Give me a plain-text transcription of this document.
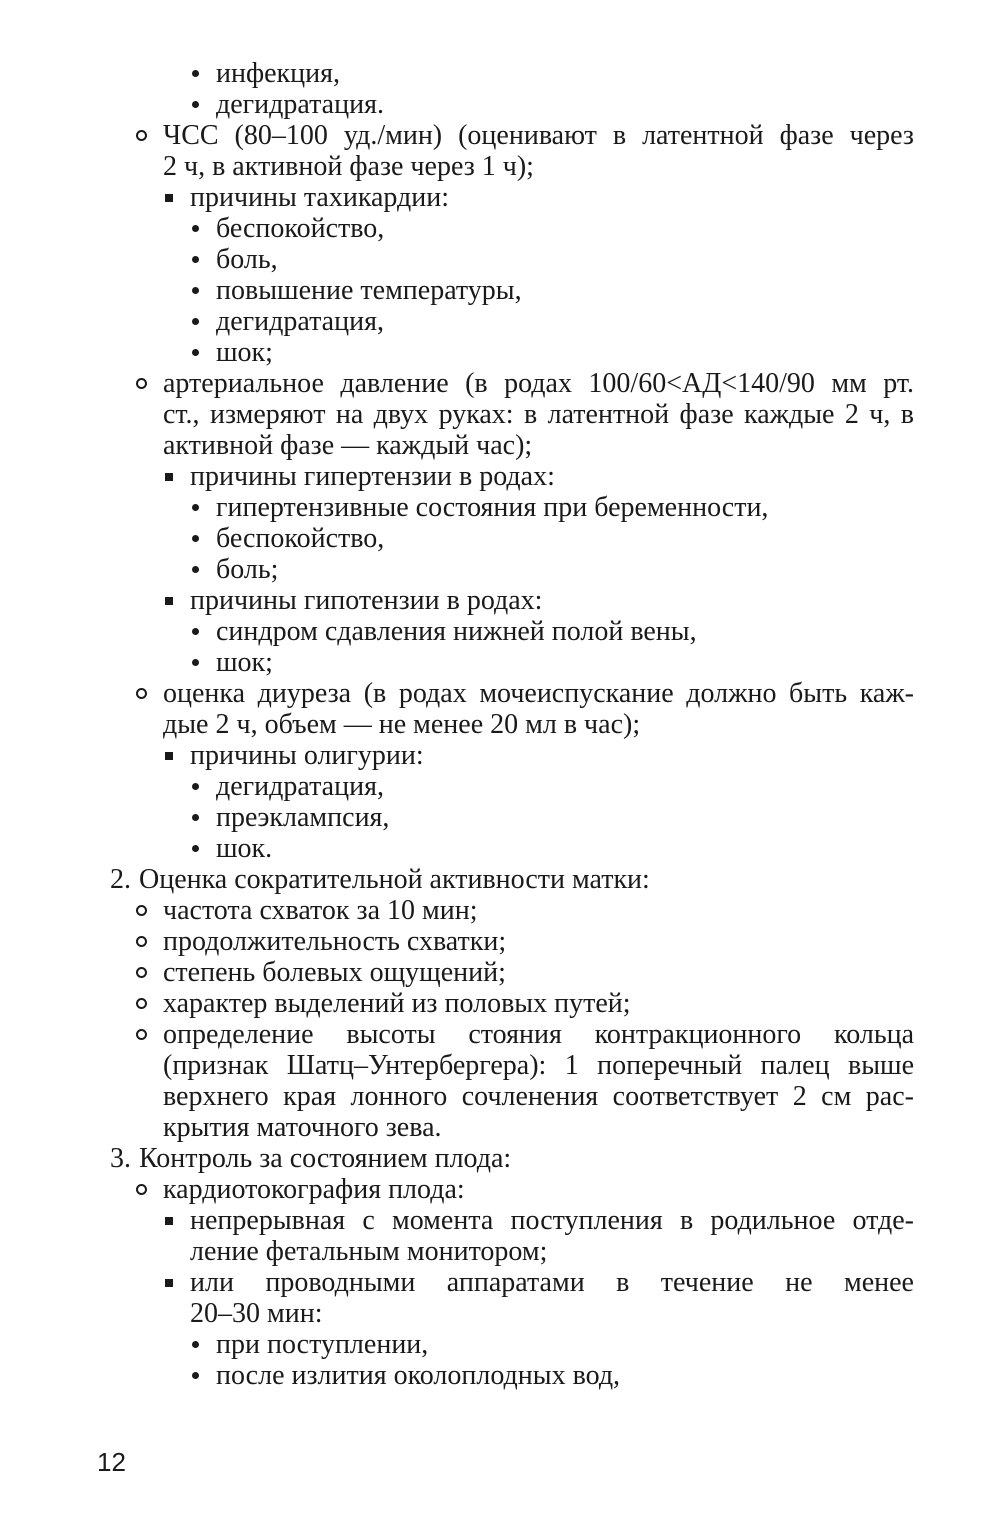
инфекция,
дегидратация.
ЧСС (80–100 уд./мин) (оценивают в латентной фазе через
2 ч, в активной фазе через 1 ч);
причины тахикардии:
беспокойство,
боль,
повышение температуры,
дегидратация,
шок;
артериальное давление (в родах 100/60<АД<140/90 мм рт.
ст., измеряют на двух руках: в латентной фазе каждые 2 ч, в
активной фазе — каждый час);
причины гипертензии в родах:
гипертензивные состояния при беременности,
беспокойство,
боль;
причины гипотензии в родах:
синдром сдавления нижней полой вены,
шок;
оценка диуреза (в родах мочеиспускание должно быть каж-
дые 2 ч, объем — не менее 20 мл в час);
причины олигурии:
дегидратация,
преэклампсия,
шок.
2. Оценка сократительной активности матки:
частота схваток за 10 мин;
продолжительность схватки;
степень болевых ощущений;
характер выделений из половых путей;
определение высоты стояния контракционного кольца
(признак Шатц–Унтербергера): 1 поперечный палец выше
верхнего края лонного сочленения соответствует 2 см рас-
крытия маточного зева.
3. Контроль за состоянием плода:
кардиотокография плода:
непрерывная с момента поступления в родильное отде-
ление фетальным монитором;
или проводными аппаратами в течение не менее
20–30 мин:
при поступлении,
после излития околоплодных вод,
12
